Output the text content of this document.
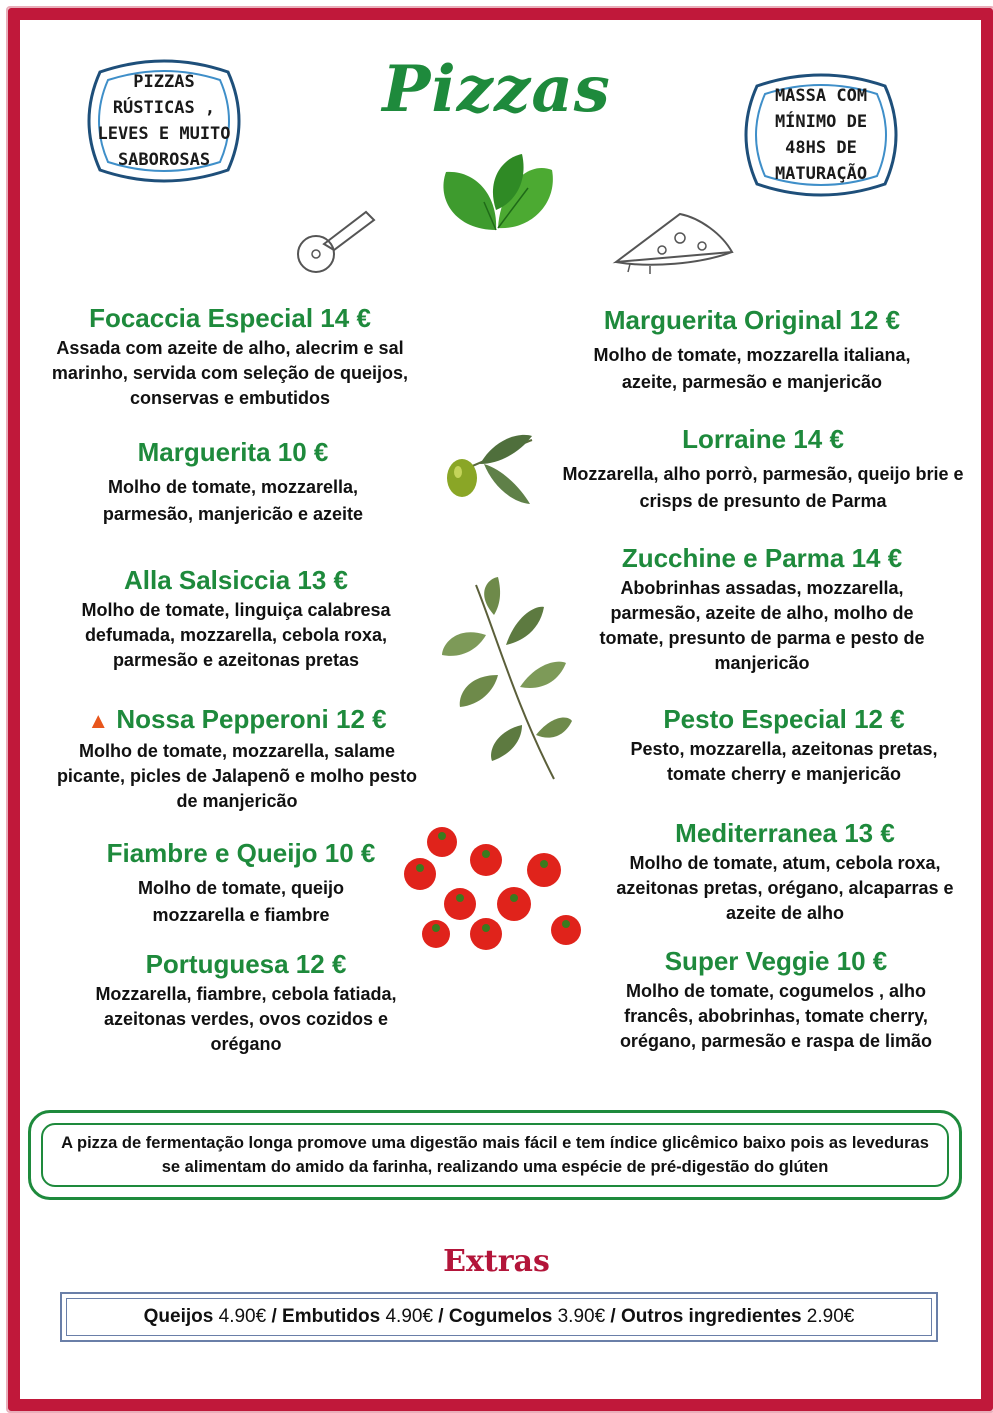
Pizzas
PIZZAS RÚSTICAS , LEVES E MUITO SABOROSAS
MASSA COM MÍNIMO DE 48HS DE MATURAÇÃO
Focaccia Especial 14 €
Assada com azeite de alho, alecrim e sal marinho, servida com seleção de queijos, conservas e embutidos
Marguerita 10 €
Molho de tomate, mozzarella, parmesão, manjericão e azeite
Alla Salsiccia 13 €
Molho de tomate, linguiça calabresa defumada, mozzarella, cebola roxa, parmesão e azeitonas pretas
▲ Nossa Pepperoni 12 €
Molho de tomate, mozzarella, salame picante, picles de Jalapenõ e molho pesto de manjericão
Fiambre e Queijo 10 €
Molho de tomate, queijo mozzarella e fiambre
Portuguesa 12 €
Mozzarella, fiambre, cebola fatiada, azeitonas verdes, ovos cozidos e orégano
Marguerita Original 12 €
Molho de tomate, mozzarella italiana, azeite, parmesão e manjericão
Lorraine 14 €
Mozzarella, alho porrò, parmesão, queijo brie e crisps de presunto de Parma
Zucchine e Parma 14 €
Abobrinhas assadas, mozzarella, parmesão, azeite de alho, molho de tomate, presunto de parma e pesto de manjericão
Pesto Especial 12 €
Pesto, mozzarella, azeitonas pretas, tomate cherry e manjericão
Mediterranea 13 €
Molho de tomate, atum, cebola roxa, azeitonas pretas, orégano, alcaparras e azeite de alho
Super Veggie 10 €
Molho de tomate, cogumelos , alho francês, abobrinhas, tomate cherry, orégano, parmesão e raspa de limão
A pizza de fermentação longa promove uma digestão mais fácil e tem índice glicêmico baixo pois as leveduras se alimentam do amido da farinha, realizando uma espécie de pré-digestão do glúten
Extras
Queijos 4.90€ / Embutidos 4.90€ / Cogumelos 3.90€ / Outros ingredientes 2.90€
